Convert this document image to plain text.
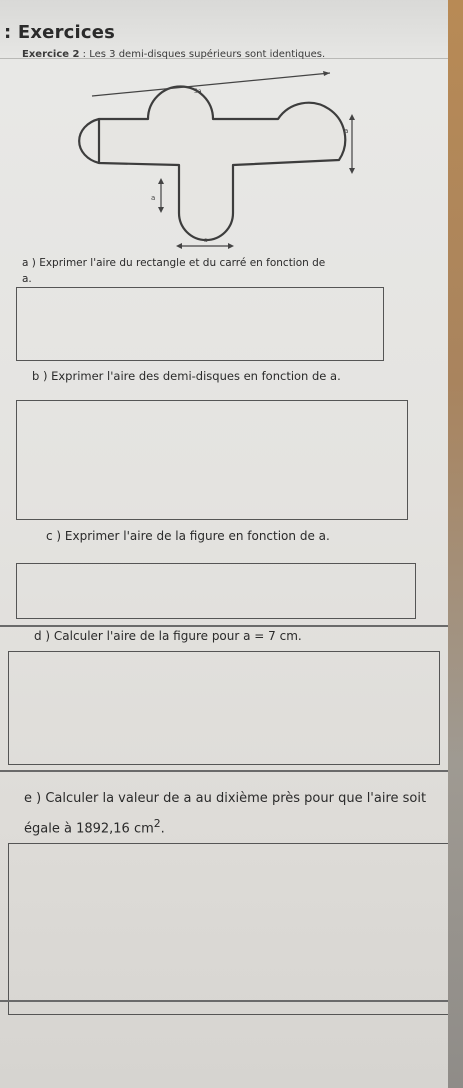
: Exercices
Exercice 2 : Les 3 demi-disques supérieurs sont identiques.
3a
a
a
a
a ) Exprimer l'aire du rectangle et du carré en fonction de a.
b ) Exprimer l'aire des demi-disques en fonction de a.
c ) Exprimer l'aire de la figure en fonction de a.
d ) Calculer l'aire de la figure pour a = 7 cm.
e ) Calculer la valeur de a au dixième près pour que l'aire soit égale à 1892,16 $cm^2$.
